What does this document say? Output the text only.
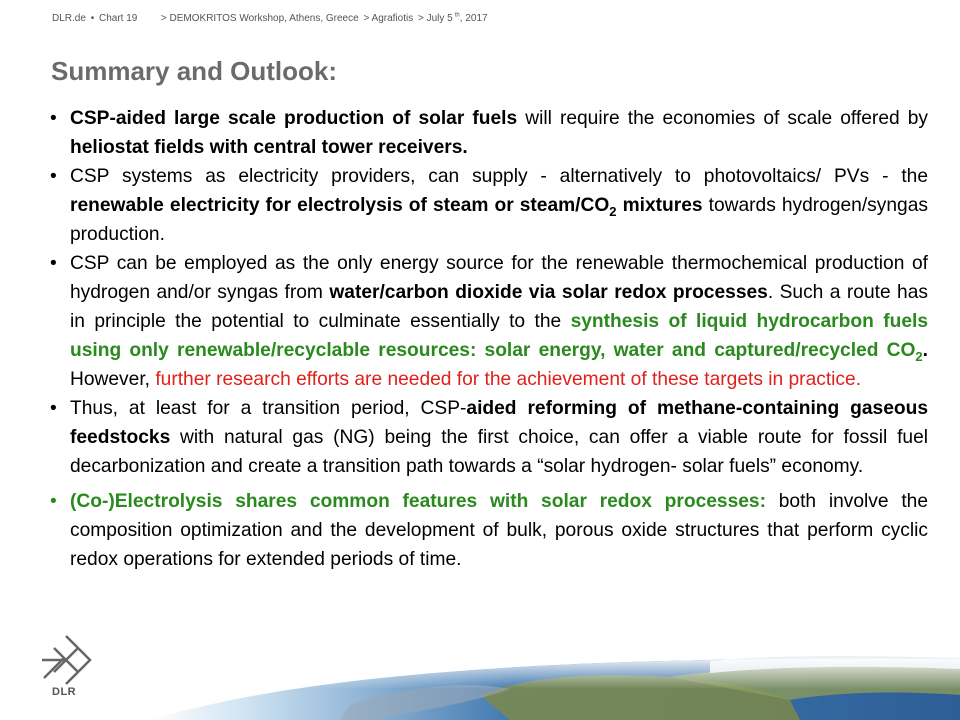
DLR.de • Chart 19 > DEMOKRITOS Workshop, Athens, Greece > Agrafiotis > July 5 $^{th}$, 2017
Summary and Outlook:
• CSP-aided large scale production of solar fuels will require the economies of scale offered by heliostat fields with central tower receivers.
• CSP systems as electricity providers, can supply - alternatively to photovoltaics/ PVs - the renewable electricity for electrolysis of steam or steam/$CO_2$ mixtures towards hydrogen/syngas production.
• CSP can be employed as the only energy source for the renewable thermochemical production of hydrogen and/or syngas from water/carbon dioxide via solar redox processes. Such a route has in principle the potential to culminate essentially to the synthesis of liquid hydrocarbon fuels using only renewable/recyclable resources: solar energy, water and captured/recycled $CO_2$. However, further research efforts are needed for the achievement of these targets in practice.
• Thus, at least for a transition period, CSP-aided reforming of methane-containing gaseous feedstocks with natural gas (NG) being the first choice, can offer a viable route for fossil fuel decarbonization and create a transition path towards a “solar hydrogen- solar fuels” economy.
• (Co-)Electrolysis shares common features with solar redox processes: both involve the composition optimization and the development of bulk, porous oxide structures that perform cyclic redox operations for extended periods of time.
DLR
